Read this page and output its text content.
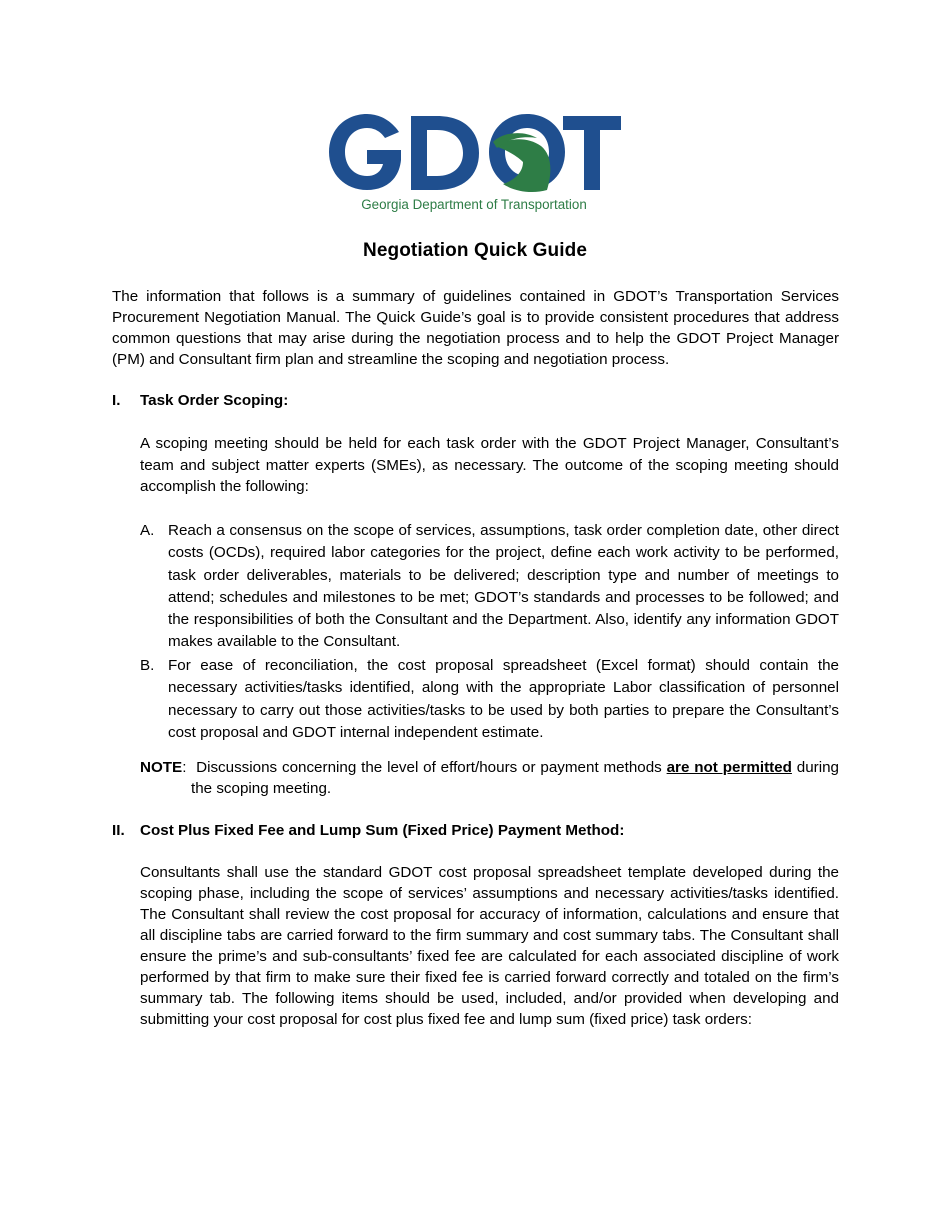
Georgia Department of Transportation
Negotiation Quick Guide
The information that follows is a summary of guidelines contained in GDOT’s Transportation Services Procurement Negotiation Manual. The Quick Guide’s goal is to provide consistent procedures that address common questions that may arise during the negotiation process and to help the GDOT Project Manager (PM) and Consultant firm plan and streamline the scoping and negotiation process.
I. Task Order Scoping:
A scoping meeting should be held for each task order with the GDOT Project Manager, Consultant’s team and subject matter experts (SMEs), as necessary. The outcome of the scoping meeting should accomplish the following:
A. Reach a consensus on the scope of services, assumptions, task order completion date, other direct costs (OCDs), required labor categories for the project, define each work activity to be performed, task order deliverables, materials to be delivered; description type and number of meetings to attend; schedules and milestones to be met; GDOT’s standards and processes to be followed; and the responsibilities of both the Consultant and the Department. Also, identify any information GDOT makes available to the Consultant.
B. For ease of reconciliation, the cost proposal spreadsheet (Excel format) should contain the necessary activities/tasks identified, along with the appropriate Labor classification of personnel necessary to carry out those activities/tasks to be used by both parties to prepare the Consultant’s cost proposal and GDOT internal independent estimate.
NOTE:  Discussions concerning the level of effort/hours or payment methods are not permitted during
the scoping meeting.
II. Cost Plus Fixed Fee and Lump Sum (Fixed Price) Payment Method:
Consultants shall use the standard GDOT cost proposal spreadsheet template developed during the scoping phase, including the scope of services’ assumptions and necessary activities/tasks identified. The Consultant shall review the cost proposal for accuracy of information, calculations and ensure that all discipline tabs are carried forward to the firm summary and cost summary tabs. The Consultant shall ensure the prime’s and sub-consultants’ fixed fee are calculated for each associated discipline of work performed by that firm to make sure their fixed fee is carried forward correctly and totaled on the firm’s summary tab. The following items should be used, included, and/or provided when developing and submitting your cost proposal for cost plus fixed fee and lump sum (fixed price) task orders:
